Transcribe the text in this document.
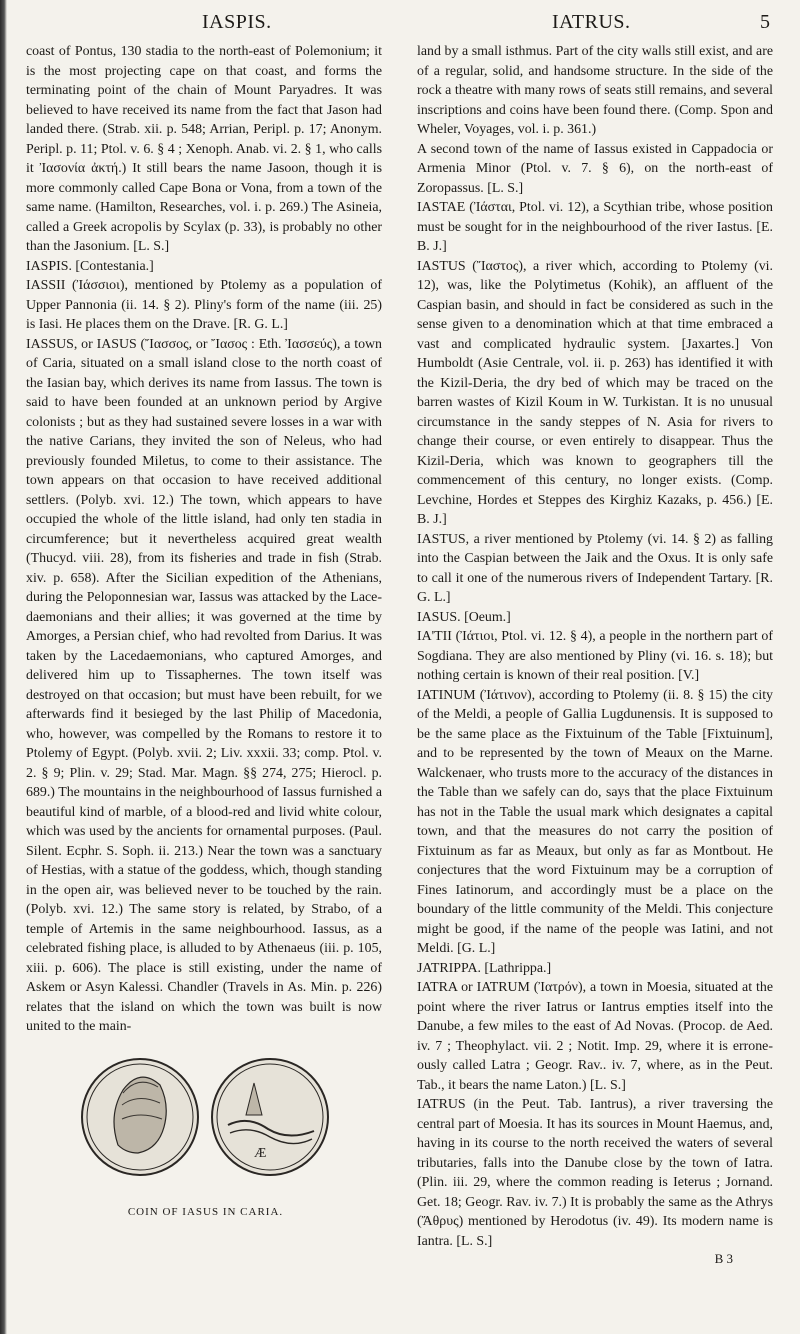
IASPIS.	IATRUS.	5

coast of Pontus, 130 stadia to the north-east of Polemonium; it is the most projecting cape on that coast, and forms the terminating point of the chain of Mount Paryadres. It was believed to have received its name from the fact that Jason had landed there. (Strab. xii. p. 548; Arrian, Peripl. p. 17; Anonym. Peripl. p. 11; Ptol. v. 6. § 4 ; Xenoph. Anab. vi. 2. § 1, who calls it Ἰασονία ἀκτή.) It still bears the name Jasoon, though it is more commonly called Cape Bona or Vona, from a town of the same name. (Hamilton, Researches, vol. i. p. 269.) The Asineia, called a Greek acropolis by Scylax (p. 33), is probably no other than the Jasonium. [L. S.]

IASPIS. [Contestania.]

IASSII (Ἰάσσιοι), mentioned by Ptolemy as a population of Upper Pannonia (ii. 14. § 2). Pliny's form of the name (iii. 25) is Iasi. He places them on the Drave. [R. G. L.]

IASSUS, or IASUS (Ἴασσος, or Ἴασος : Eth. Ἰασσεύς), a town of Caria, situated on a small island close to the north coast of the Iasian bay, which derives its name from Iassus. The town is said to have been founded at an unknown period by Argive colonists ; but as they had sustained severe losses in a war with the native Carians, they invited the son of Neleus, who had previously founded Miletus, to come to their assistance. The town appears on that occasion to have received additional settlers. (Polyb. xvi. 12.) The town, which appears to have occupied the whole of the little island, had only ten stadia in circumference; but it nevertheless acquired great wealth (Thucyd. viii. 28), from its fisheries and trade in fish (Strab. xiv. p. 658). After the Sicilian expedition of the Athenians, during the Peloponnesian war, Iassus was attacked by the Lacedaemonians and their allies; it was governed at the time by Amorges, a Persian chief, who had revolted from Darius. It was taken by the Lacedaemonians, who captured Amorges, and delivered him up to Tissaphernes. The town itself was destroyed on that occasion; but must have been rebuilt, for we afterwards find it besieged by the last Philip of Macedonia, who, however, was compelled by the Romans to restore it to Ptolemy of Egypt. (Polyb. xvii. 2; Liv. xxxii. 33; comp. Ptol. v. 2. § 9; Plin. v. 29; Stad. Mar. Magn. §§ 274, 275; Hierocl. p. 689.) The mountains in the neighbourhood of Iassus furnished a beautiful kind of marble, of a blood-red and livid white colour, which was used by the ancients for ornamental purposes. (Paul. Silent. Ecphr. S. Soph. ii. 213.) Near the town was a sanctuary of Hestias, with a statue of the goddess, which, though standing in the open air, was believed never to be touched by the rain. (Polyb. xvi. 12.) The same story is related, by Strabo, of a temple of Artemis in the same neighbourhood. Iassus, as a celebrated fishing place, is alluded to by Athenaeus (iii. p. 105, xiii. p. 606). The place is still existing, under the name of Askem or Asyn Kalessi. Chandler (Travels in As. Min. p. 226) relates that the island on which the town was built is now united to the main-

Æ
COIN OF IASUS IN CARIA.

land by a small isthmus. Part of the city walls still exist, and are of a regular, solid, and handsome structure. In the side of the rock a theatre with many rows of seats still remains, and several inscriptions and coins have been found there. (Comp. Spon and Wheler, Voyages, vol. i. p. 361.)

A second town of the name of Iassus existed in Cappadocia or Armenia Minor (Ptol. v. 7. § 6), on the north-east of Zoropassus. [L. S.]

IASTAE (Ἰάσται, Ptol. vi. 12), a Scythian tribe, whose position must be sought for in the neighbourhood of the river Iastus. [E. B. J.]

IASTUS (Ἴαστος), a river which, according to Ptolemy (vi. 12), was, like the Polytimetus (Kohik), an affluent of the Caspian basin, and should in fact be considered as such in the sense given to a denomination which at that time embraced a vast and complicated hydraulic system. [Jaxartes.] Von Humboldt (Asie Centrale, vol. ii. p. 263) has identified it with the Kizil-Deria, the dry bed of which may be traced on the barren wastes of Kizil Koum in W. Turkistan. It is no unusual circumstance in the sandy steppes of N. Asia for rivers to change their course, or even entirely to disappear. Thus the Kizil-Deria, which was known to geographers till the commencement of this century, no longer exists. (Comp. Levchine, Hordes et Steppes des Kirghiz Kazaks, p. 456.) [E. B. J.]

IASTUS, a river mentioned by Ptolemy (vi. 14. § 2) as falling into the Caspian between the Jaik and the Oxus. It is only safe to call it one of the numerous rivers of Independent Tartary. [R. G. L.]

IASUS. [Oeum.]

IA'TII (Ἰάτιοι, Ptol. vi. 12. § 4), a people in the northern part of Sogdiana. They are also mentioned by Pliny (vi. 16. s. 18); but nothing certain is known of their real position. [V.]

IATINUM (Ἰάτινον), according to Ptolemy (ii. 8. § 15) the city of the Meldi, a people of Gallia Lugdunensis. It is supposed to be the same place as the Fixtuinum of the Table [Fixtuinum], and to be represented by the town of Meaux on the Marne. Walckenaer, who trusts more to the accuracy of the distances in the Table than we safely can do, says that the place Fixtuinum has not in the Table the usual mark which designates a capital town, and that the measures do not carry the position of Fixtuinum as far as Meaux, but only as far as Montbout. He conjectures that the word Fixtuinum may be a corruption of Fines Iatinorum, and accordingly must be a place on the boundary of the little community of the Meldi. This conjecture might be good, if the name of the people was Iatini, and not Meldi. [G. L.]

JATRIPPA. [Lathrippa.]

IATRA or IATRUM (Ἰατρόν), a town in Moesia, situated at the point where the river Iatrus or Iantrus empties itself into the Danube, a few miles to the east of Ad Novas. (Procop. de Aed. iv. 7 ; Theophylact. vii. 2 ; Notit. Imp. 29, where it is erroneously called Latra ; Geogr. Rav.. iv. 7, where, as in the Peut. Tab., it bears the name Laton.) [L. S.]

IATRUS (in the Peut. Tab. Iantrus), a river traversing the central part of Moesia. It has its sources in Mount Haemus, and, having in its course to the north received the waters of several tributaries, falls into the Danube close by the town of Iatra. (Plin. iii. 29, where the common reading is Ieterus ; Jornand. Get. 18; Geogr. Rav. iv. 7.) It is probably the same as the Athrys (Ἄθρυς) mentioned by Herodotus (iv. 49). Its modern name is Iantra. [L. S.]

B 3
